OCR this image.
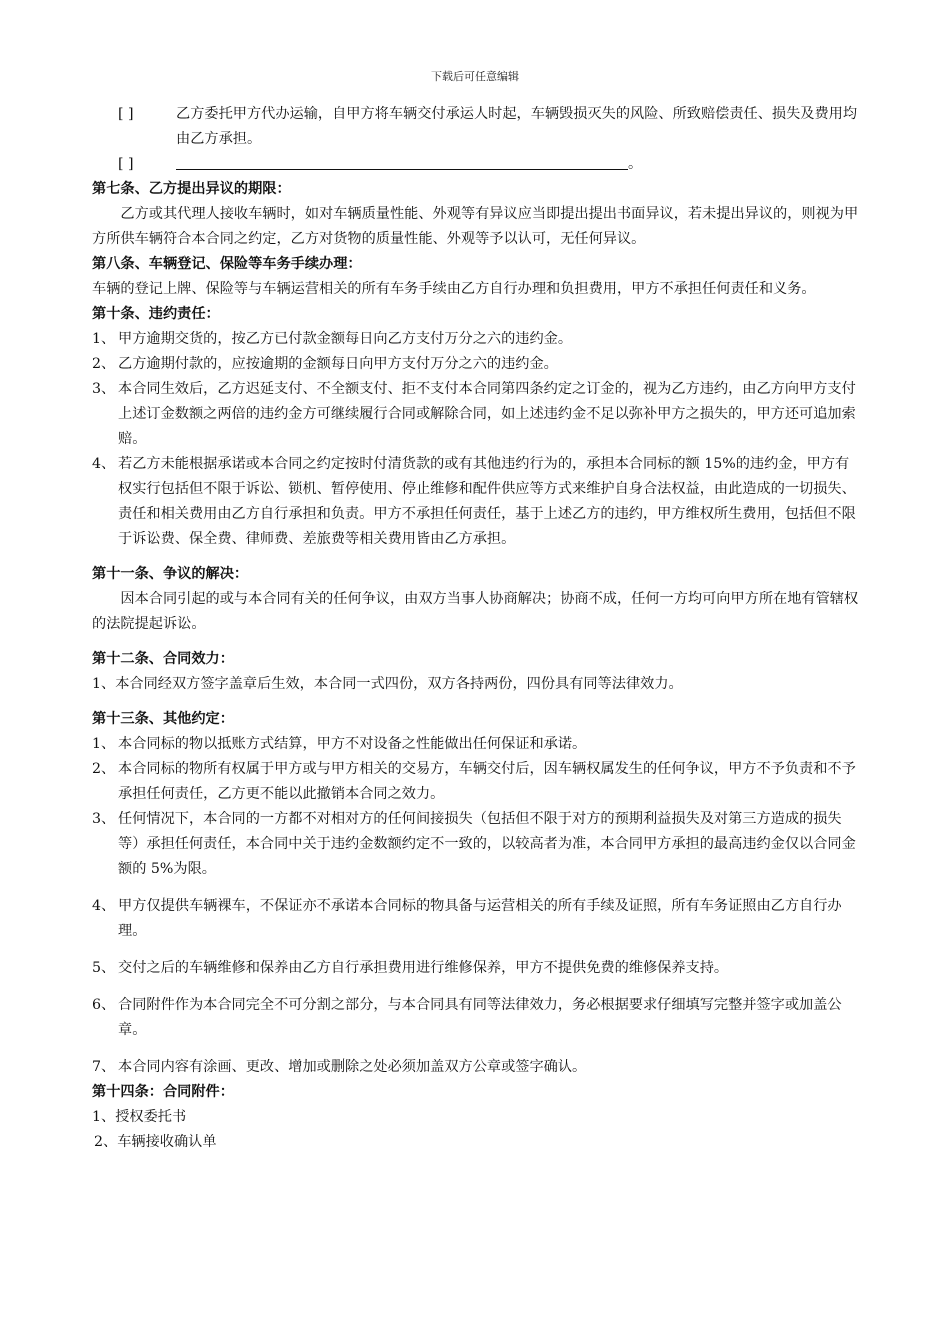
下载后可任意编辑
[ ]	乙方委托甲方代办运输，自甲方将车辆交付承运人时起，车辆毁损灭失的风险、所致赔偿责任、损失及费用均由乙方承担。
[ ]	。

第七条、乙方提出异议的期限：

乙方或其代理人接收车辆时，如对车辆质量性能、外观等有异议应当即提出提出书面异议，若未提出异议的，则视为甲方所供车辆符合本合同之约定，乙方对货物的质量性能、外观等予以认可，无任何异议。

第八条、车辆登记、保险等车务手续办理：

车辆的登记上牌、保险等与车辆运营相关的所有车务手续由乙方自行办理和负担费用，甲方不承担任何责任和义务。

第十条、违约责任：

1、 甲方逾期交货的，按乙方已付款金额每日向乙方支付万分之六的违约金。
2、 乙方逾期付款的，应按逾期的金额每日向甲方支付万分之六的违约金。
3、 本合同生效后，乙方迟延支付、不全额支付、拒不支付本合同第四条约定之订金的，视为乙方违约，由乙方向甲方支付上述订金数额之两倍的违约金方可继续履行合同或解除合同，如上述违约金不足以弥补甲方之损失的，甲方还可追加索赔。
4、 若乙方未能根据承诺或本合同之约定按时付清货款的或有其他违约行为的，承担本合同标的额 15%的违约金，甲方有权实行包括但不限于诉讼、锁机、暂停使用、停止维修和配件供应等方式来维护自身合法权益，由此造成的一切损失、责任和相关费用由乙方自行承担和负责。甲方不承担任何责任，基于上述乙方的违约，甲方维权所生费用，包括但不限于诉讼费、保全费、律师费、差旅费等相关费用皆由乙方承担。

第十一条、争议的解决：

因本合同引起的或与本合同有关的任何争议，由双方当事人协商解决；协商不成，任何一方均可向甲方所在地有管辖权的法院提起诉讼。

第十二条、合同效力：

1、本合同经双方签字盖章后生效，本合同一式四份，双方各持两份，四份具有同等法律效力。

第十三条、其他约定：

1、 本合同标的物以抵账方式结算，甲方不对设备之性能做出任何保证和承诺。
2、 本合同标的物所有权属于甲方或与甲方相关的交易方，车辆交付后，因车辆权属发生的任何争议，甲方不予负责和不予承担任何责任，乙方更不能以此撤销本合同之效力。
3、 任何情况下，本合同的一方都不对相对方的任何间接损失（包括但不限于对方的预期利益损失及对第三方造成的损失等）承担任何责任，本合同中关于违约金数额约定不一致的，以较高者为准，本合同甲方承担的最高违约金仅以合同金额的 5%为限。
4、 甲方仅提供车辆裸车，不保证亦不承诺本合同标的物具备与运营相关的所有手续及证照，所有车务证照由乙方自行办理。
5、 交付之后的车辆维修和保养由乙方自行承担费用进行维修保养，甲方不提供免费的维修保养支持。
6、 合同附件作为本合同完全不可分割之部分，与本合同具有同等法律效力，务必根据要求仔细填写完整并签字或加盖公章。
7、 本合同内容有涂画、更改、增加或删除之处必须加盖双方公章或签字确认。

第十四条：合同附件：

1、 授权委托书
2、 车辆接收确认单
